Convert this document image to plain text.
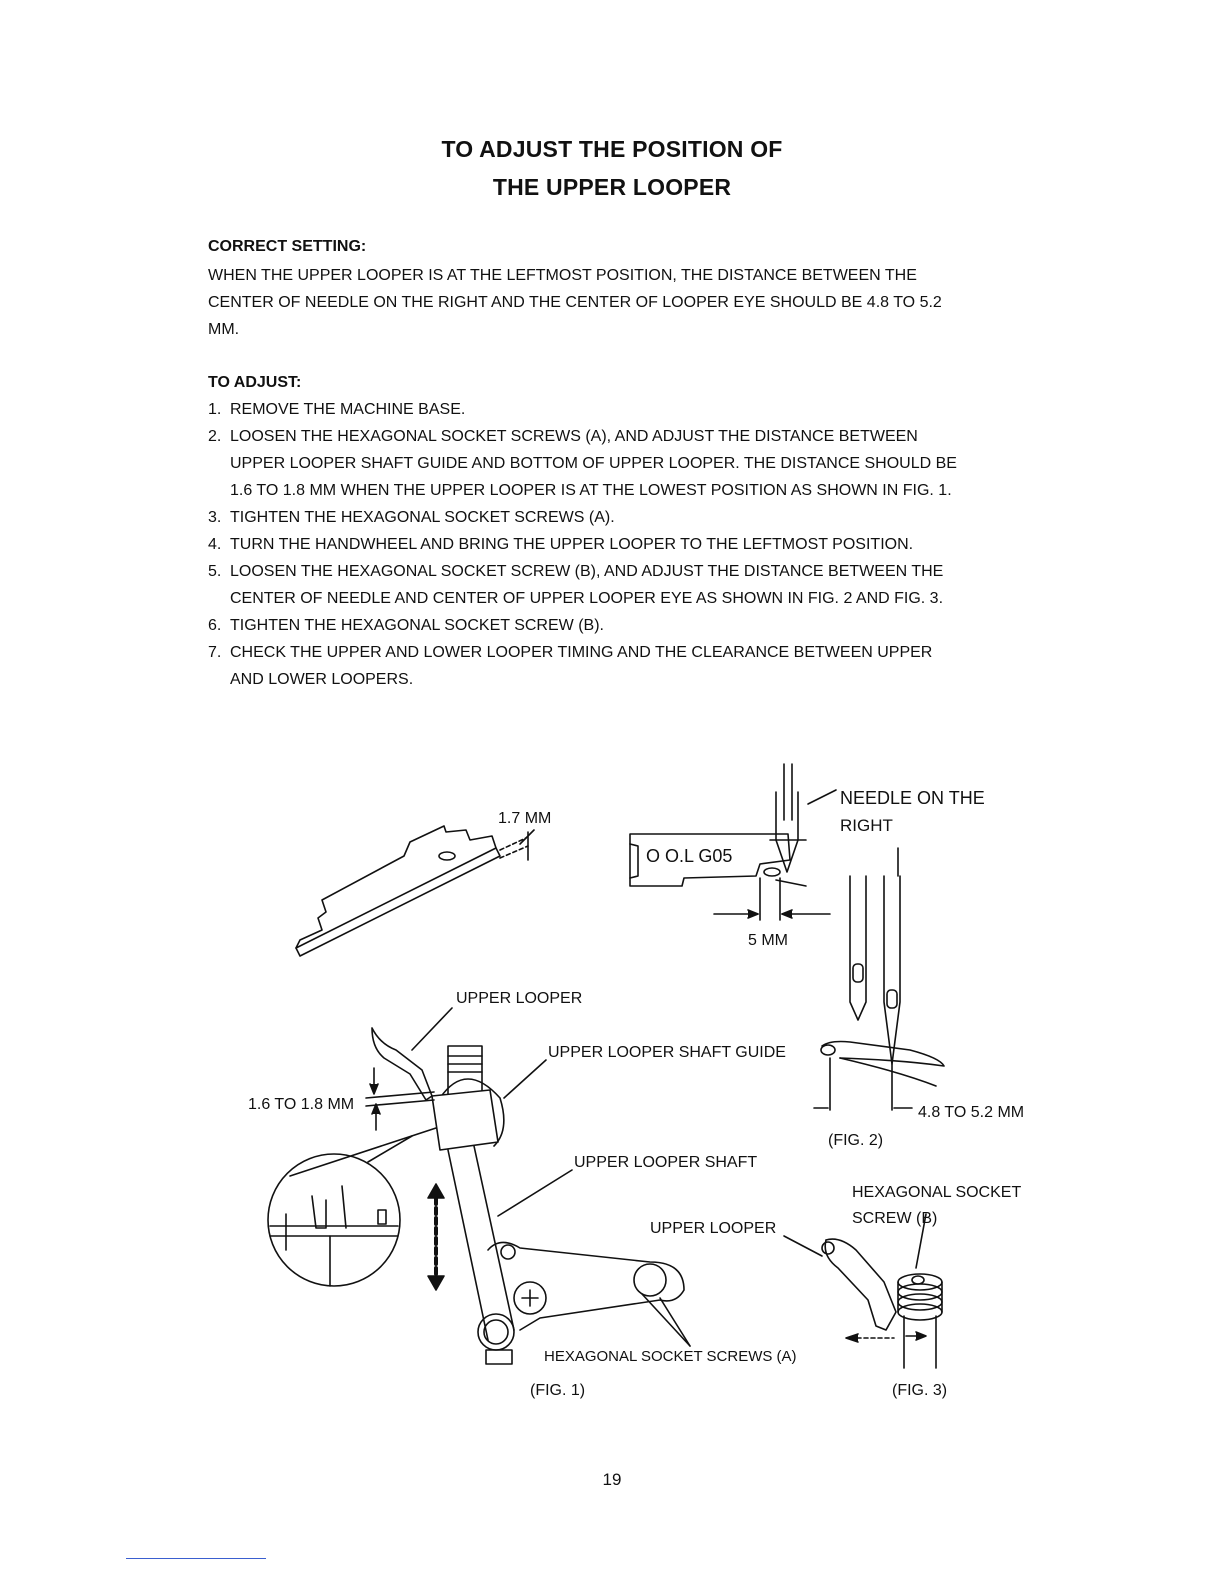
TO ADJUST THE POSITION OF
THE UPPER LOOPER
CORRECT SETTING:
WHEN THE UPPER LOOPER IS AT THE LEFTMOST POSITION, THE DISTANCE BETWEEN THE
CENTER OF NEEDLE ON THE RIGHT AND THE CENTER OF LOOPER EYE SHOULD BE 4.8 TO 5.2
MM.
TO ADJUST:
1. REMOVE THE MACHINE BASE.
2. LOOSEN THE HEXAGONAL SOCKET SCREWS (A), AND ADJUST THE DISTANCE BETWEEN
UPPER LOOPER SHAFT GUIDE AND BOTTOM OF UPPER LOOPER. THE DISTANCE SHOULD BE
1.6 TO 1.8 MM WHEN THE UPPER LOOPER IS AT THE LOWEST POSITION AS SHOWN IN FIG. 1.
3. TIGHTEN THE HEXAGONAL SOCKET SCREWS (A).
4. TURN THE HANDWHEEL AND BRING THE UPPER LOOPER TO THE LEFTMOST POSITION.
5. LOOSEN THE HEXAGONAL SOCKET SCREW (B), AND ADJUST THE DISTANCE BETWEEN THE
CENTER OF NEEDLE AND CENTER OF UPPER LOOPER EYE AS SHOWN IN FIG. 2 AND FIG. 3.
6. TIGHTEN THE HEXAGONAL SOCKET SCREW (B).
7. CHECK THE UPPER AND LOWER LOOPER TIMING AND THE CLEARANCE BETWEEN UPPER
AND LOWER LOOPERS.
1.7 MM
NEEDLE ON THE
RIGHT
O O.L G05
5 MM
UPPER LOOPER
UPPER LOOPER SHAFT GUIDE
1.6 TO 1.8 MM	4.8 TO 5.2 MM
(FIG. 2)
UPPER LOOPER SHAFT
HEXAGONAL SOCKET
SCREW (B)
UPPER LOOPER
HEXAGONAL SOCKET SCREWS (A)
(FIG. 1)	(FIG. 3)
19
